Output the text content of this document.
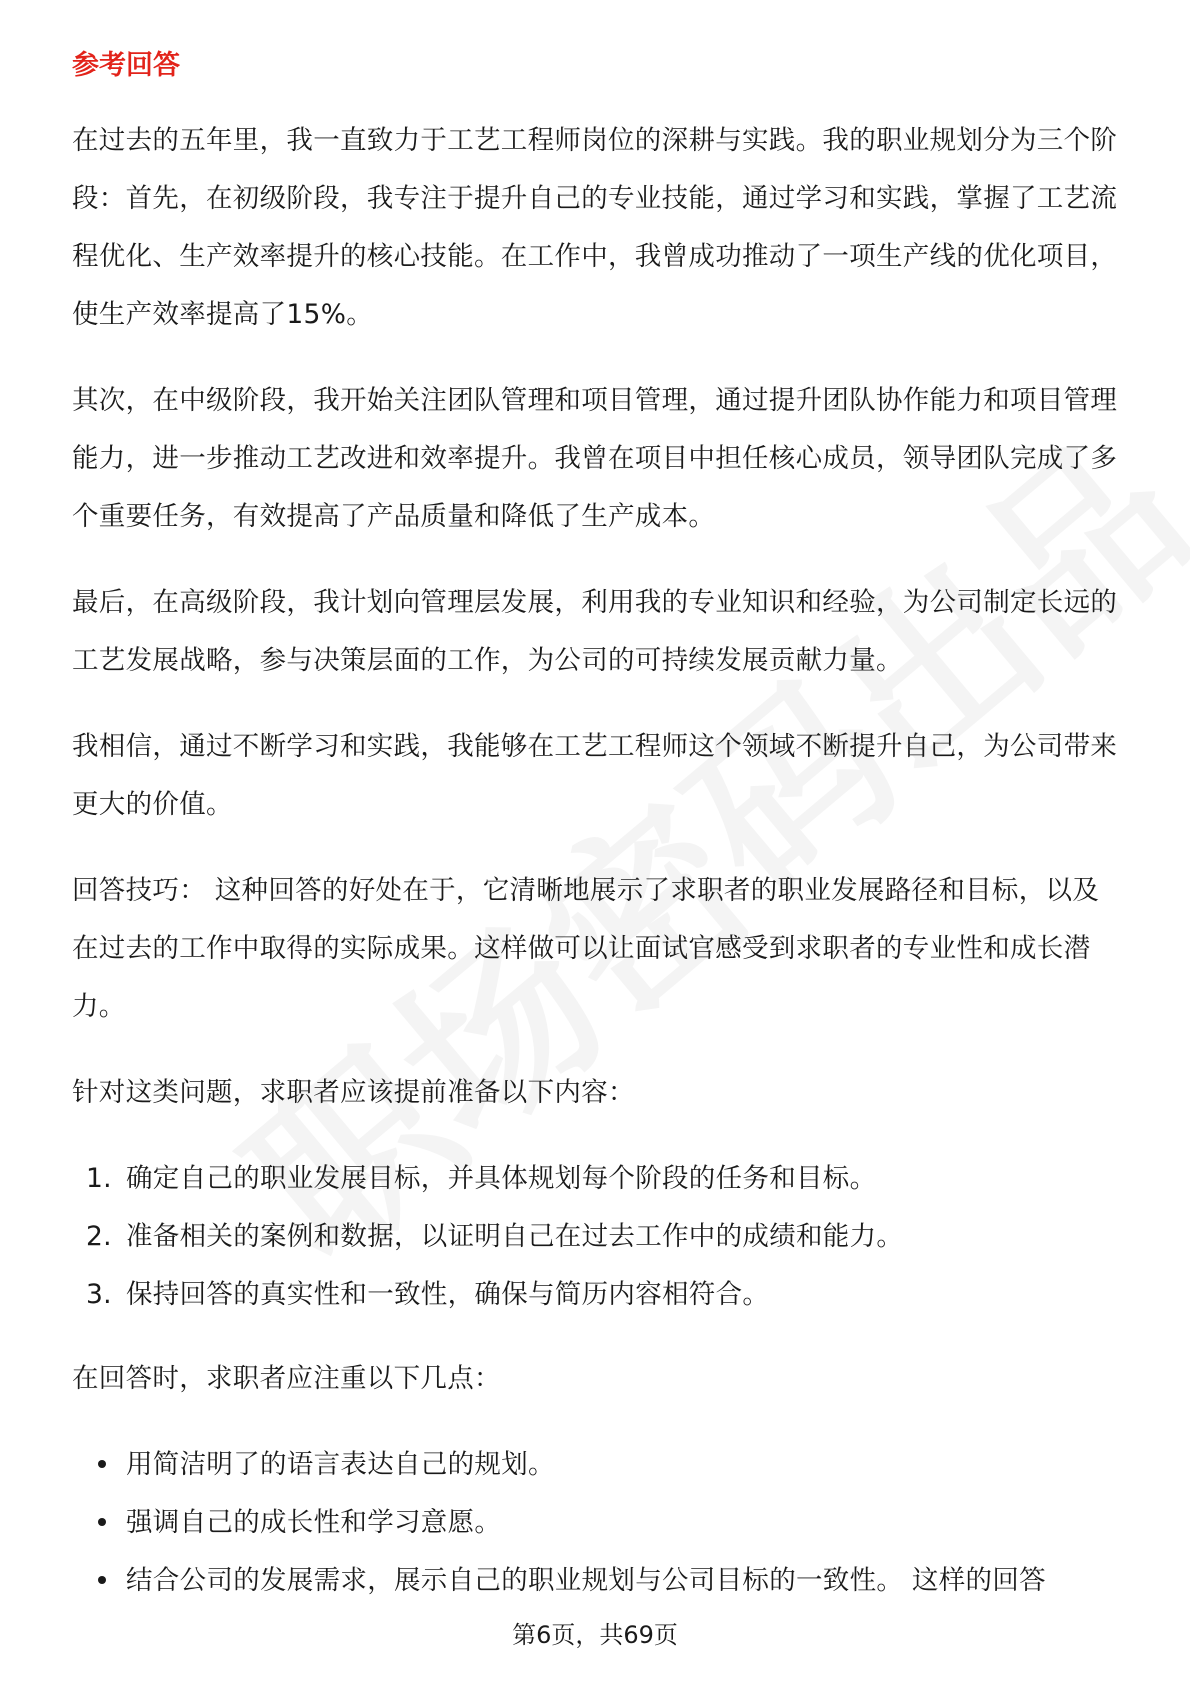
参考回答

在过去的五年里，我一直致力于工艺工程师岗位的深耕与实践。我的职业规划分为三个阶段：首先，在初级阶段，我专注于提升自己的专业技能，通过学习和实践，掌握了工艺流程优化、生产效率提升的核心技能。在工作中，我曾成功推动了一项生产线的优化项目，使生产效率提高了15%。

其次，在中级阶段，我开始关注团队管理和项目管理，通过提升团队协作能力和项目管理能力，进一步推动工艺改进和效率提升。我曾在项目中担任核心成员，领导团队完成了多个重要任务，有效提高了产品质量和降低了生产成本。

最后，在高级阶段，我计划向管理层发展，利用我的专业知识和经验，为公司制定长远的工艺发展战略，参与决策层面的工作，为公司的可持续发展贡献力量。

我相信，通过不断学习和实践，我能够在工艺工程师这个领域不断提升自己，为公司带来更大的价值。

回答技巧： 这种回答的好处在于，它清晰地展示了求职者的职业发展路径和目标，以及在过去的工作中取得的实际成果。这样做可以让面试官感受到求职者的专业性和成长潜力。

针对这类问题，求职者应该提前准备以下内容：

1. 确定自己的职业发展目标，并具体规划每个阶段的任务和目标。
2. 准备相关的案例和数据，以证明自己在过去工作中的成绩和能力。
3. 保持回答的真实性和一致性，确保与简历内容相符合。

在回答时，求职者应注重以下几点：

用简洁明了的语言表达自己的规划。
强调自己的成长性和学习意愿。
结合公司的发展需求，展示自己的职业规划与公司目标的一致性。 这样的回答
第6页，共69页
